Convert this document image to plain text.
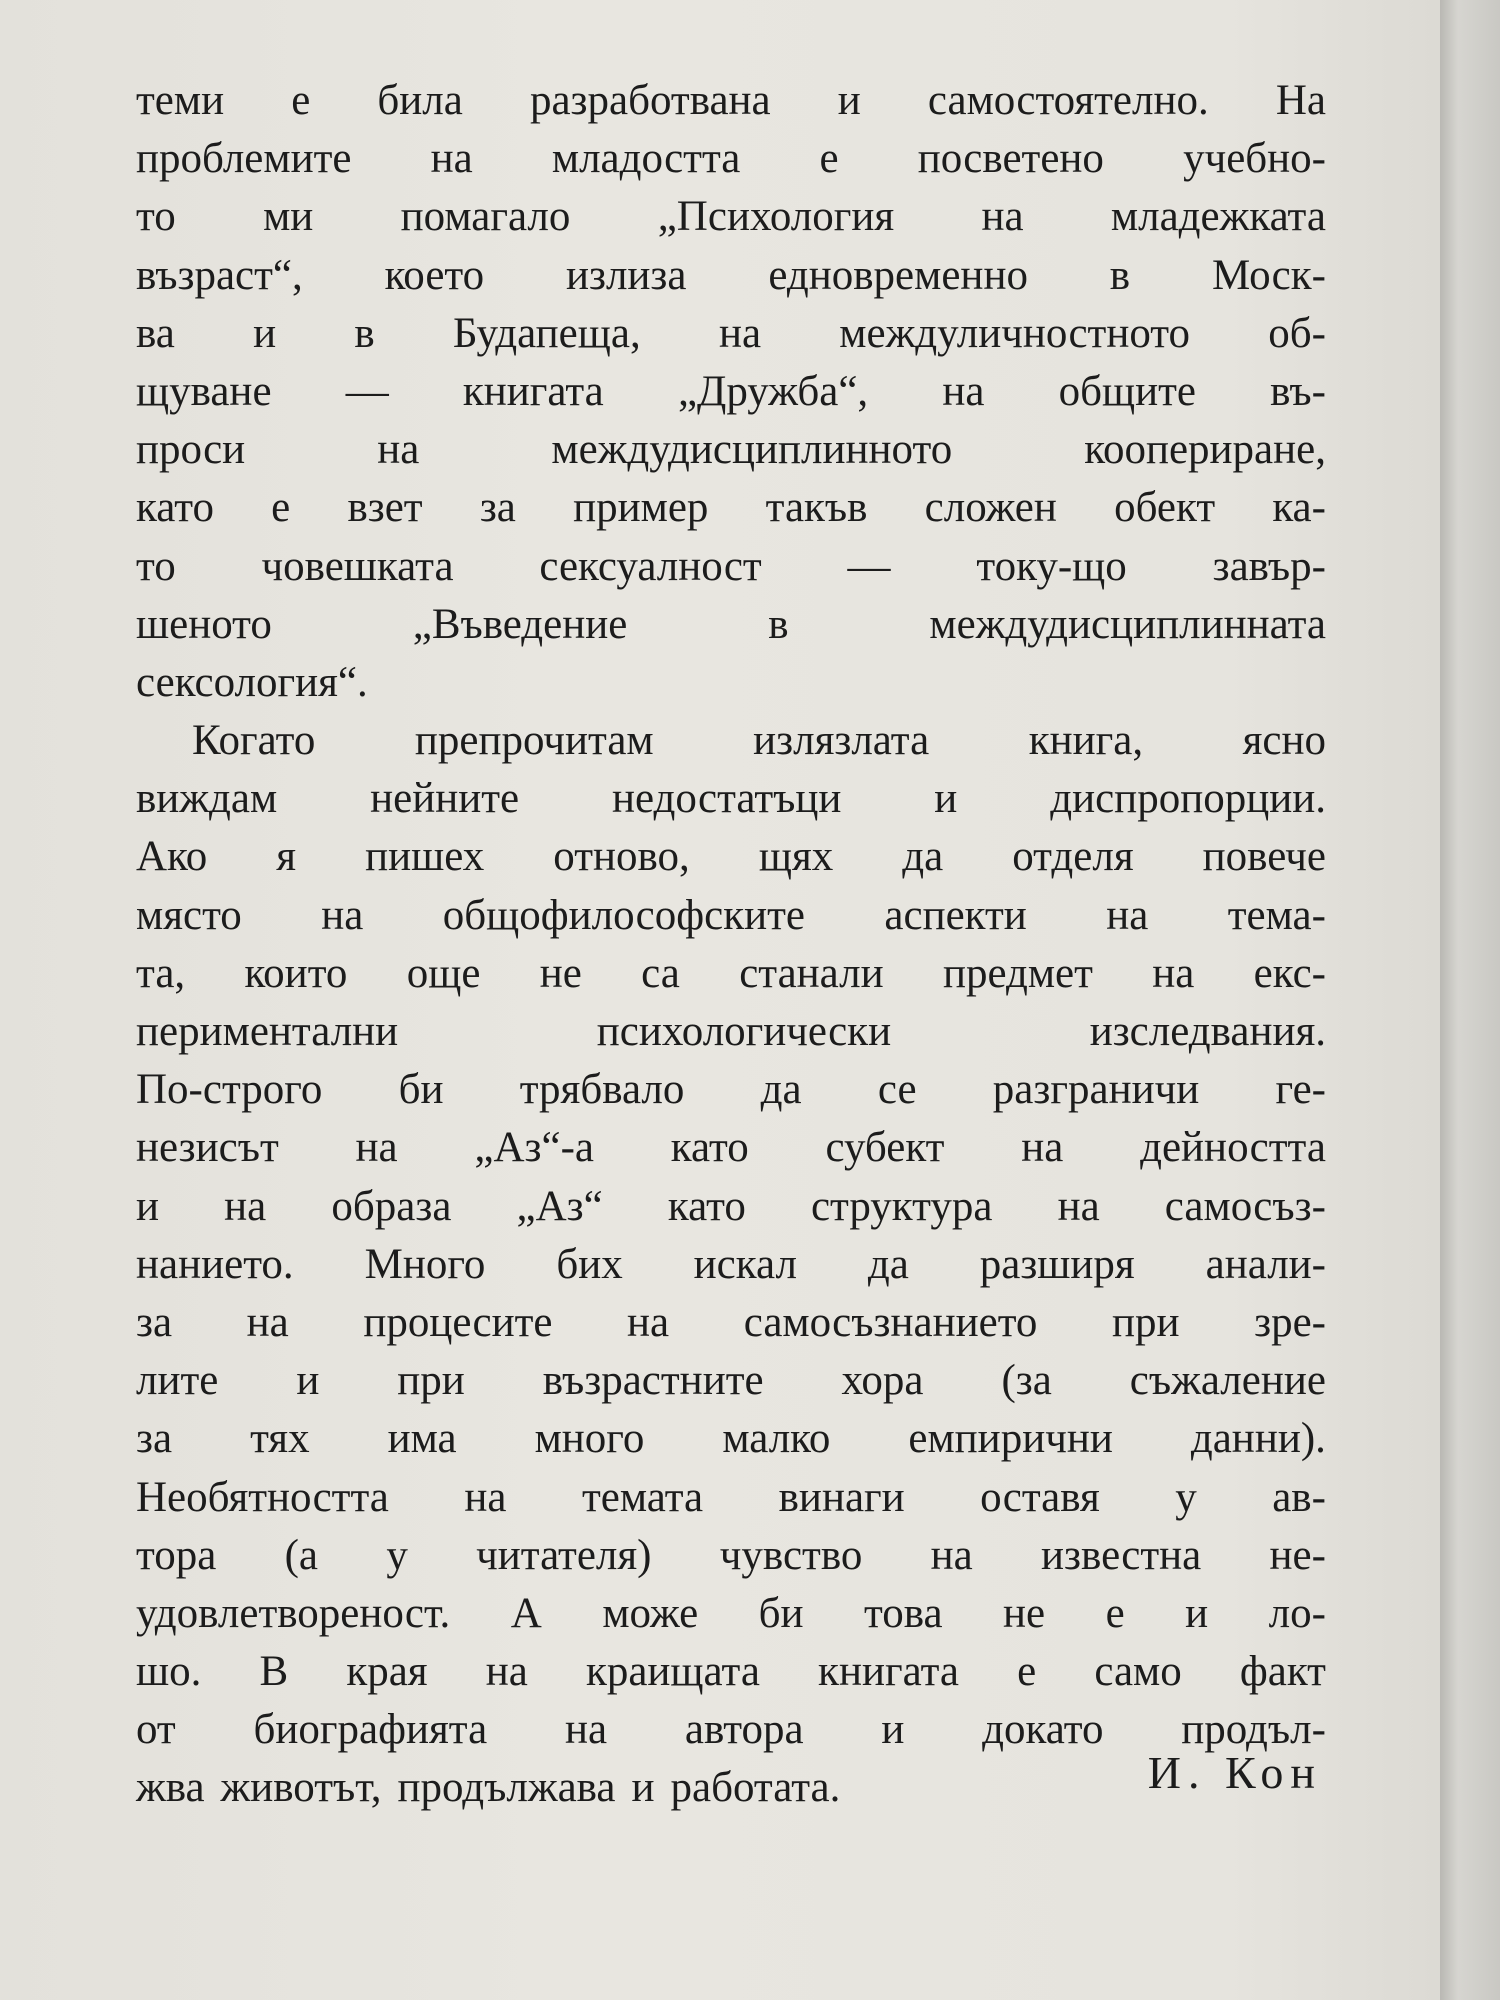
теми е била разработвана и самостоятелно. На
проблемите на младостта е посветено учебно-
то ми помагало „Психология на младежката
възраст“, което излиза едновременно в Моск-
ва и в Будапеща, на междуличностното об-
щуване — книгата „Дружба“, на общите въ-
проси	на	междудисциплинното	коопериране,
като е взет за пример такъв сложен обект ка-
то човешката сексуалност — току-що завър-
шеното	„Въведение	в	междудисциплинната
сексология“.
Когато препрочитам излязлата книга, ясно
виждам нейните недостатъци и диспропорции.
Ако я пишех отново, щях да отделя повече
място на общофилософските аспекти на тема-
та, които още не са станали предмет на екс-
периментални	психологически	изследвания.
По-строго би трябвало да се разграничи ге-
незисът на „Аз“-а като субект на дейността
и на образа „Аз“ като структура на самосъз-
нанието. Много бих искал да разширя анали-
за на процесите на самосъзнанието при зре-
лите и при възрастните хора (за съжаление
за тях има много малко емпирични данни).
Необятността на темата винаги оставя у ав-
тора (а у читателя) чувство на известна не-
удовлетвореност. А може би това не е и ло-
шо. В края на краищата книгата е само факт
от биографията на автора и докато продъл-
жва животът, продължава и работата.	И. Кон
